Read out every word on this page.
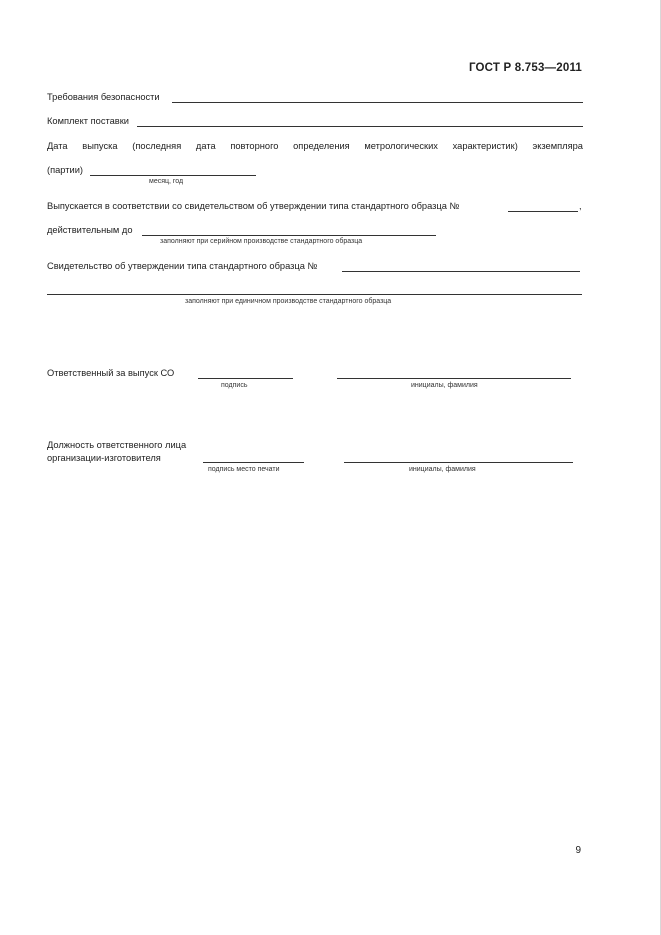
ГОСТ Р 8.753—2011
Требования безопасности
Комплект поставки
Дата выпуска (последняя дата повторного определения метрологических характеристик) экземпляра
(партии)
месяц, год
Выпускается в соответствии со свидетельством об утверждении типа стандартного образца №	,
действительным до
заполняют при серийном производстве стандартного образца
Свидетельство об утверждении типа стандартного образца №
заполняют при единичном производстве стандартного образца
Ответственный за выпуск СО
подпись	инициалы, фамилия
Должность ответственного лица
организации-изготовителя
подпись место печати	инициалы, фамилия
9
